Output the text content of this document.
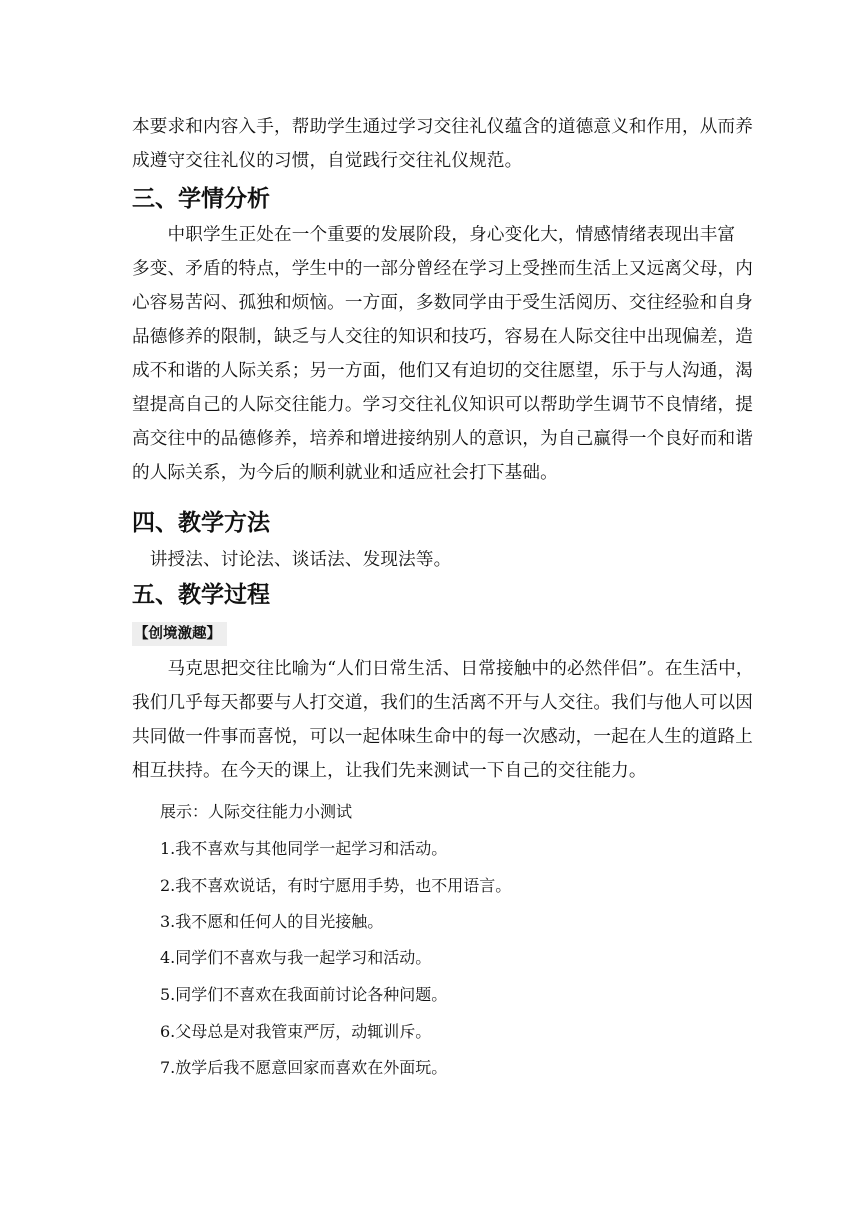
本要求和内容入手，帮助学生通过学习交往礼仪蕴含的道德意义和作用，从而养
成遵守交往礼仪的习惯，自觉践行交往礼仪规范。
三、学情分析
　　中职学生正处在一个重要的发展阶段，身心变化大，情感情绪表现出丰富
多变、矛盾的特点，学生中的一部分曾经在学习上受挫而生活上又远离父母，内
心容易苦闷、孤独和烦恼。一方面，多数同学由于受生活阅历、交往经验和自身
品德修养的限制，缺乏与人交往的知识和技巧，容易在人际交往中出现偏差，造
成不和谐的人际关系；另一方面，他们又有迫切的交往愿望，乐于与人沟通，渴
望提高自己的人际交往能力。学习交往礼仪知识可以帮助学生调节不良情绪，提
高交往中的品德修养，培养和增进接纳别人的意识，为自己赢得一个良好而和谐
的人际关系，为今后的顺利就业和适应社会打下基础。
四、教学方法
　讲授法、讨论法、谈话法、发现法等。
五、教学过程
【创境激趣】
　　马克思把交往比喻为“人们日常生活、日常接触中的必然伴侣”。在生活中，
我们几乎每天都要与人打交道，我们的生活离不开与人交往。我们与他人可以因
共同做一件事而喜悦，可以一起体味生命中的每一次感动，一起在人生的道路上
相互扶持。在今天的课上，让我们先来测试一下自己的交往能力。
展示：人际交往能力小测试
1.我不喜欢与其他同学一起学习和活动。
2.我不喜欢说话，有时宁愿用手势，也不用语言。
3.我不愿和任何人的目光接触。
4.同学们不喜欢与我一起学习和活动。
5.同学们不喜欢在我面前讨论各种问题。
6.父母总是对我管束严厉，动辄训斥。
7.放学后我不愿意回家而喜欢在外面玩。
